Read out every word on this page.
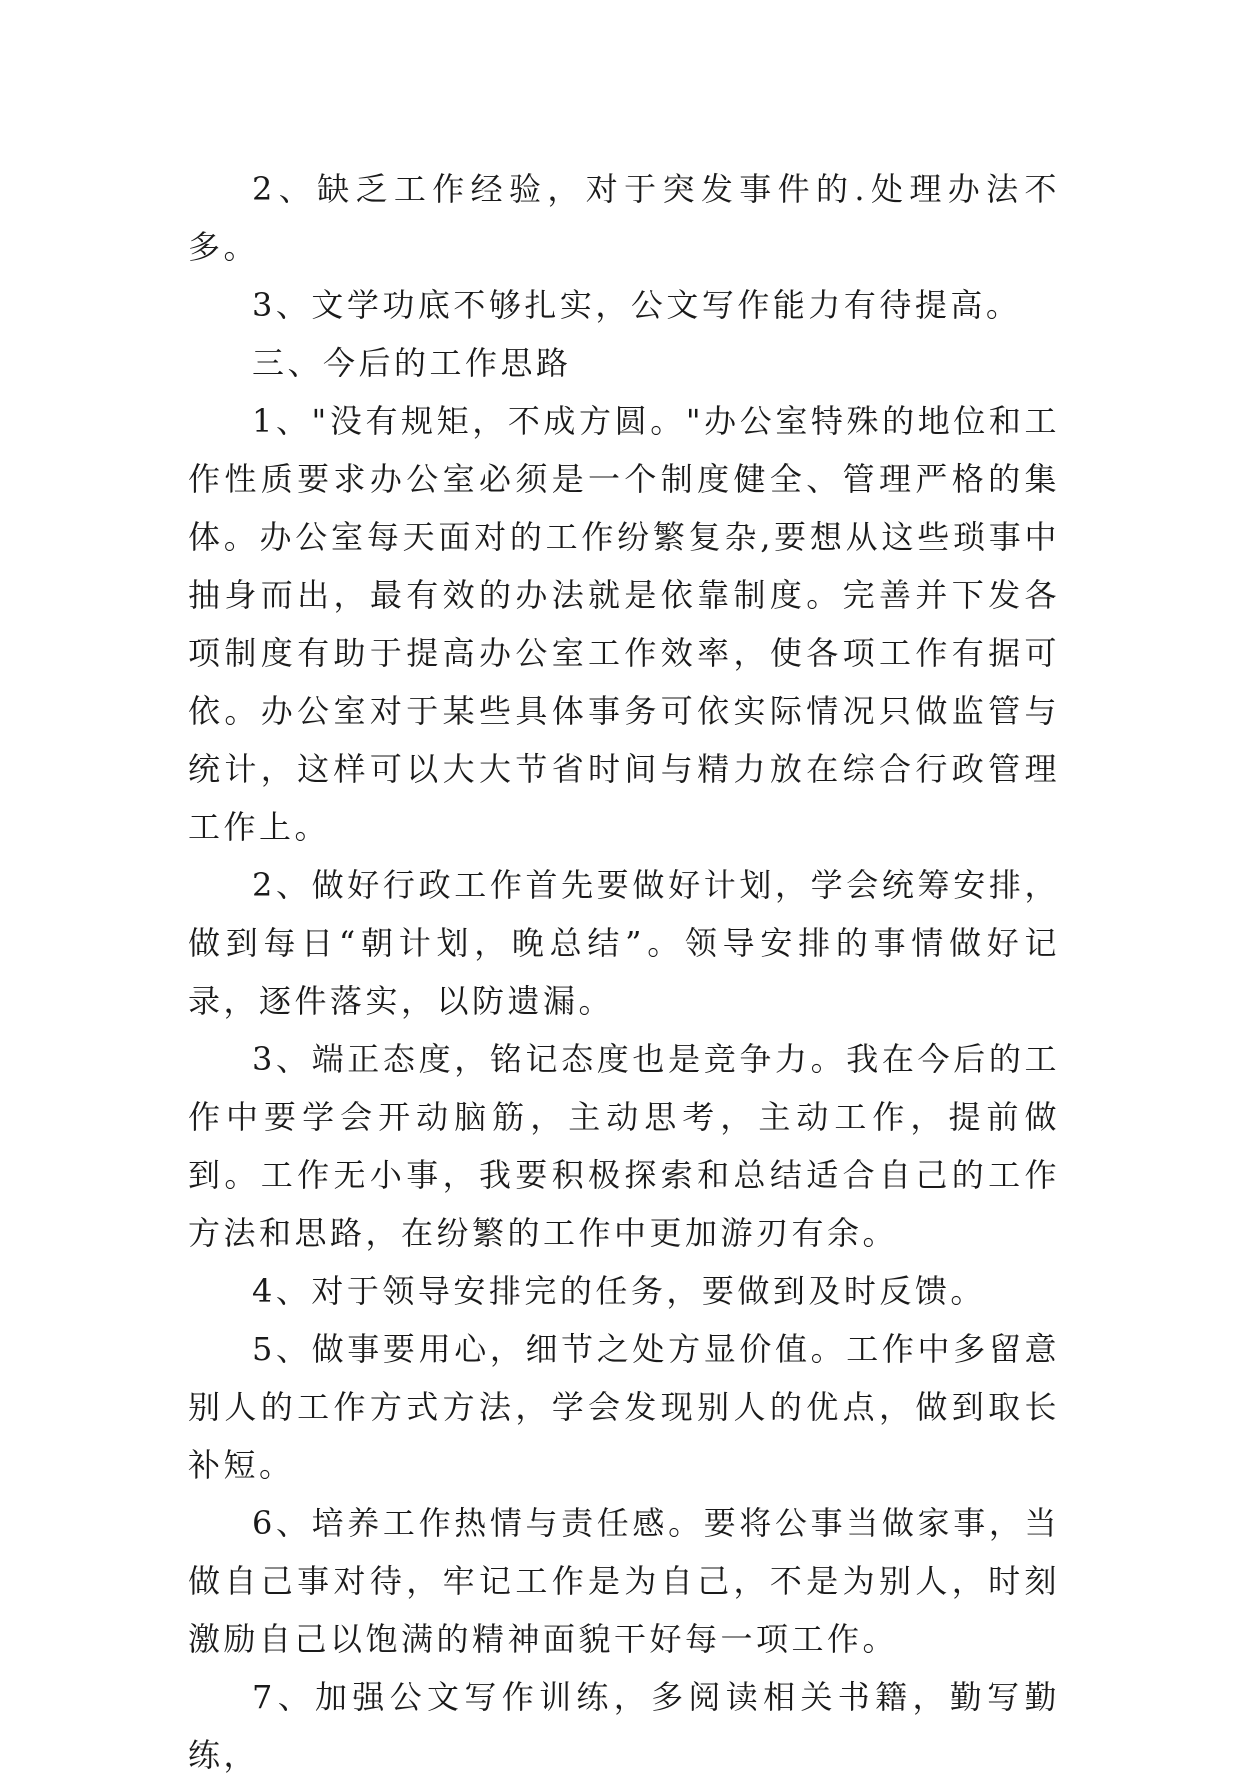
2、缺乏工作经验，对于突发事件的.处理办法不多。

3、文学功底不够扎实，公文写作能力有待提高。

三、今后的工作思路

1、"没有规矩，不成方圆。"办公室特殊的地位和工作性质要求办公室必须是一个制度健全、管理严格的集体。办公室每天面对的工作纷繁复杂,要想从这些琐事中抽身而出，最有效的办法就是依靠制度。完善并下发各项制度有助于提高办公室工作效率，使各项工作有据可依。办公室对于某些具体事务可依实际情况只做监管与统计，这样可以大大节省时间与精力放在综合行政管理工作上。

2、做好行政工作首先要做好计划，学会统筹安排，做到每日“朝计划，晚总结”。领导安排的事情做好记录，逐件落实，以防遗漏。

3、端正态度，铭记态度也是竞争力。我在今后的工作中要学会开动脑筋，主动思考，主动工作，提前做到。工作无小事，我要积极探索和总结适合自己的工作方法和思路，在纷繁的工作中更加游刃有余。

4、对于领导安排完的任务，要做到及时反馈。

5、做事要用心，细节之处方显价值。工作中多留意别人的工作方式方法，学会发现别人的优点，做到取长补短。

6、培养工作热情与责任感。要将公事当做家事，当做自己事对待，牢记工作是为自己，不是为别人，时刻激励自己以饱满的精神面貌干好每一项工作。

7、加强公文写作训练，多阅读相关书籍，勤写勤练，
